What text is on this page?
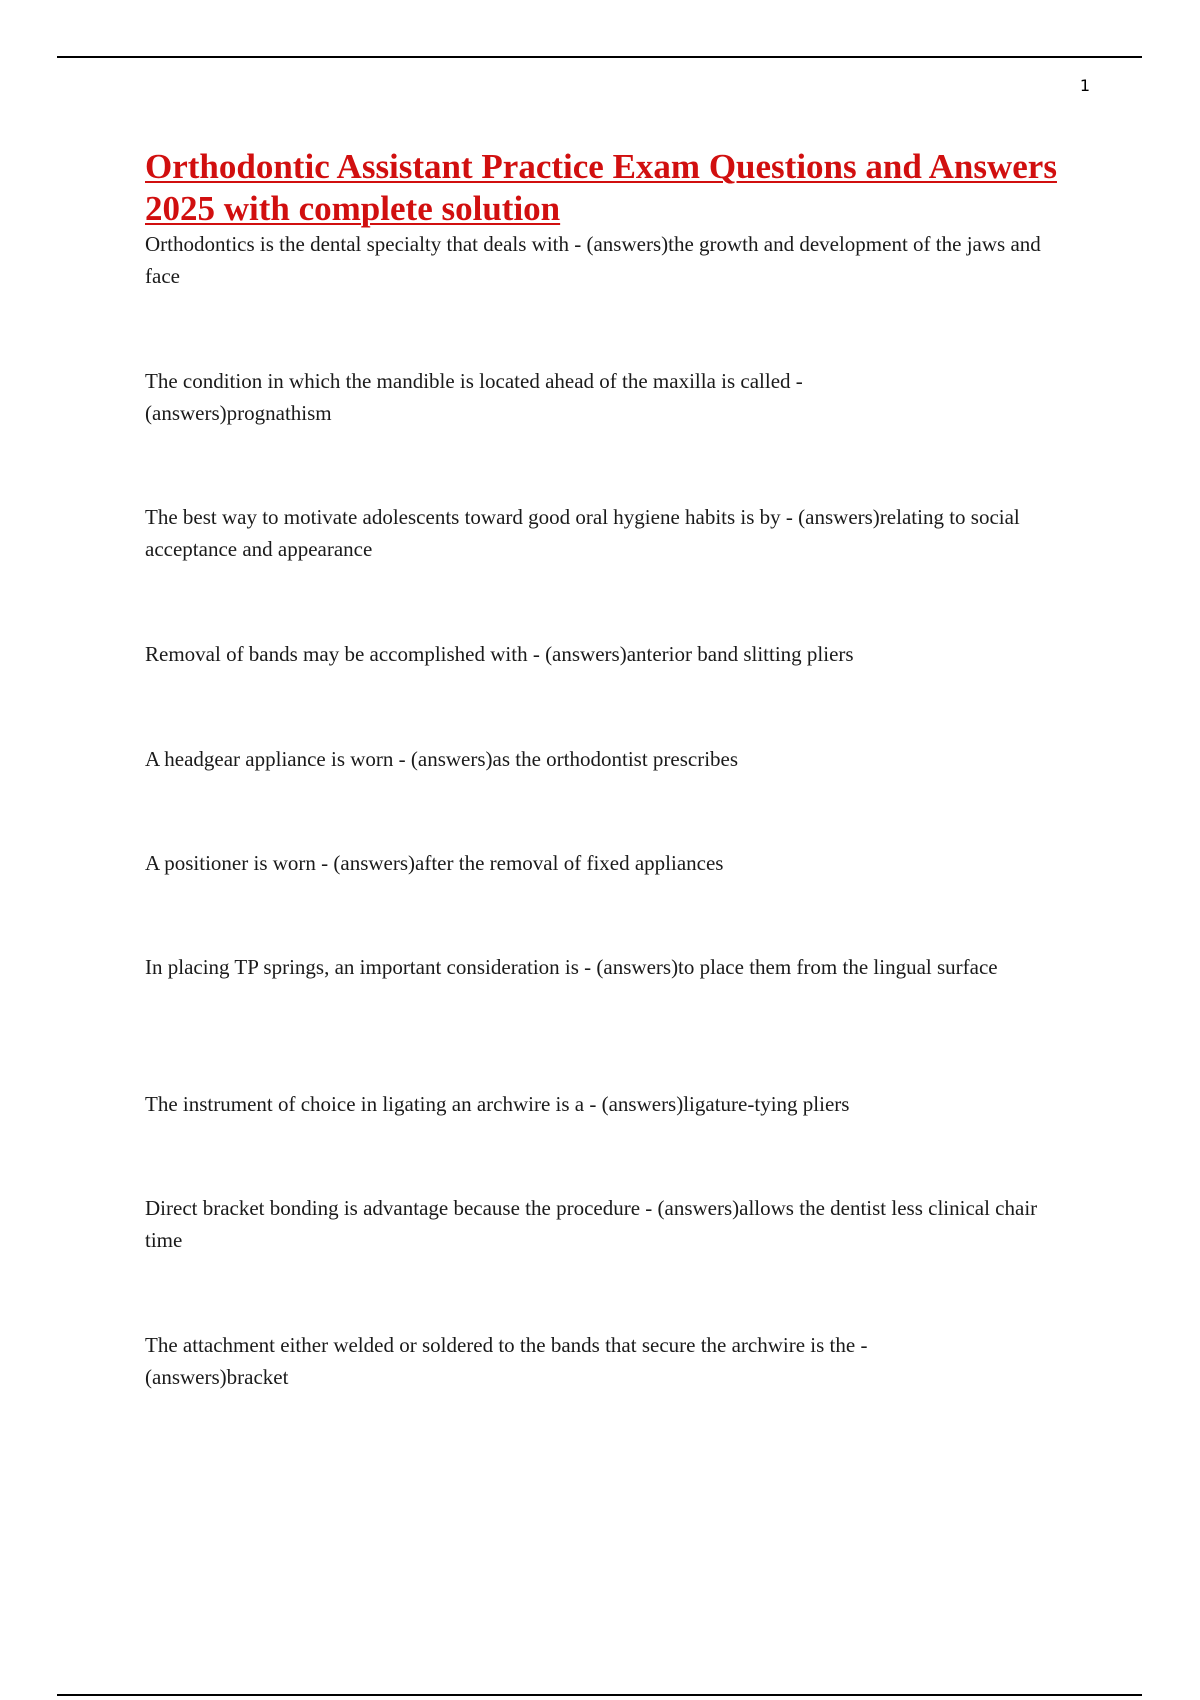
1
Orthodontic Assistant Practice Exam Questions and Answers 2025 with complete solution

Orthodontics is the dental specialty that deals with - (answers)the growth and development of the jaws and face

The condition in which the mandible is located ahead of the maxilla is called - (answers)prognathism

The best way to motivate adolescents toward good oral hygiene habits is by - (answers)relating to social acceptance and appearance

Removal of bands may be accomplished with - (answers)anterior band slitting pliers

A headgear appliance is worn - (answers)as the orthodontist prescribes

A positioner is worn - (answers)after the removal of fixed appliances

In placing TP springs, an important consideration is - (answers)to place them from the lingual surface

The instrument of choice in ligating an archwire is a - (answers)ligature-tying pliers

Direct bracket bonding is advantage because the procedure - (answers)allows the dentist less clinical chair time

The attachment either welded or soldered to the bands that secure the archwire is the - (answers)bracket
